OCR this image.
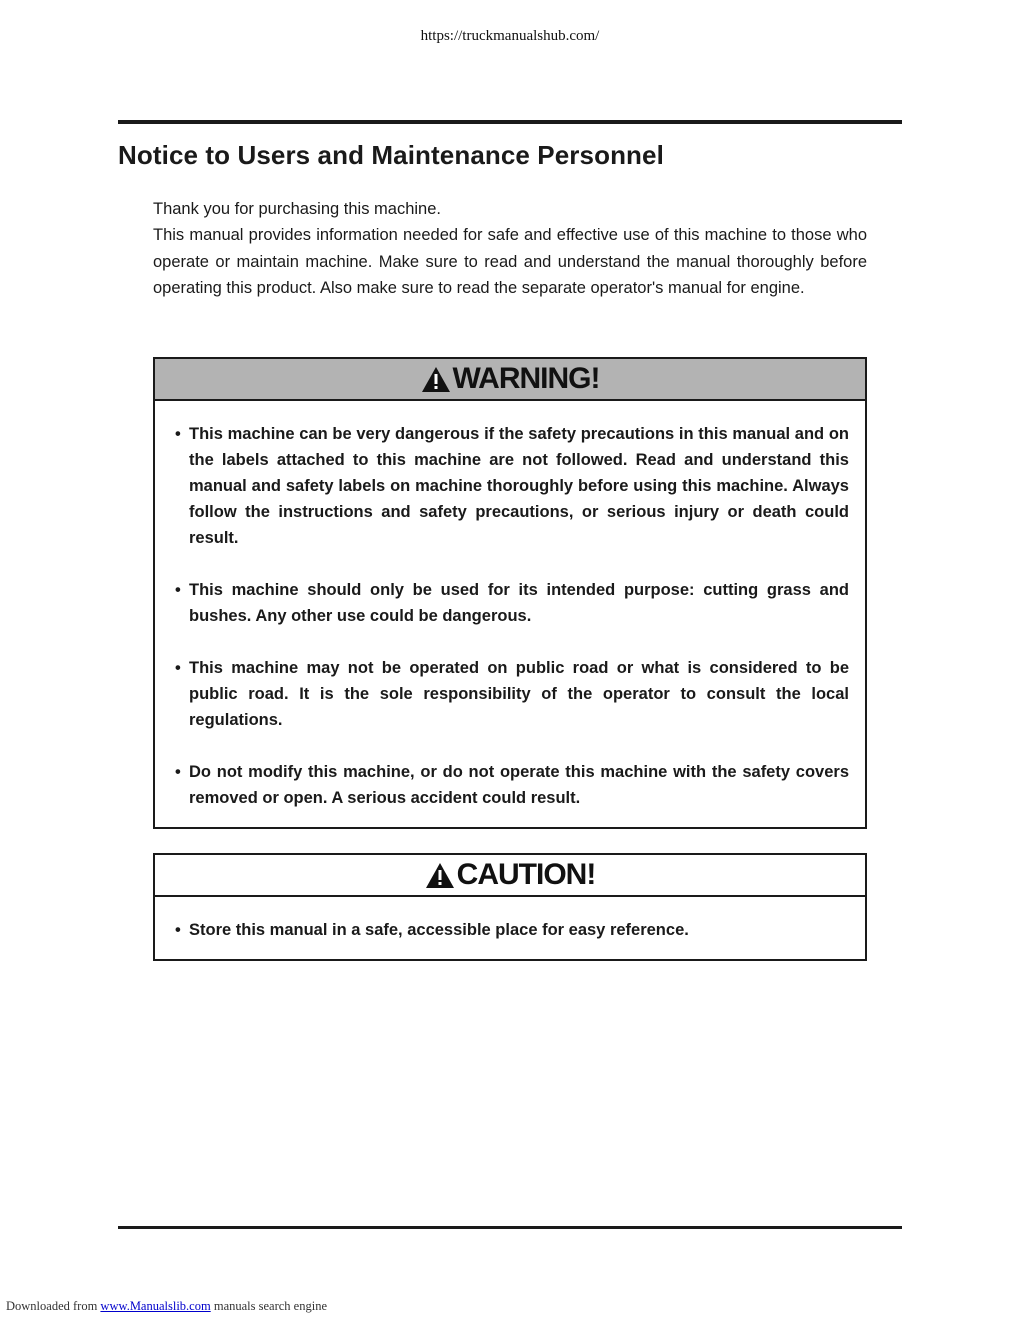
https://truckmanualshub.com/
Notice to Users and Maintenance Personnel

Thank you for purchasing this machine.

This manual provides information needed for safe and effective use of this machine to those who operate or maintain machine. Make sure to read and understand the manual thoroughly before operating this product. Also make sure to read the separate operator's manual for engine.

WARNING!

• This machine can be very dangerous if the safety precautions in this manual and on the labels attached to this machine are not followed. Read and understand this manual and safety labels on machine thoroughly before using this machine. Always follow the instructions and safety precautions, or serious injury or death could result.

• This machine should only be used for its intended purpose: cutting grass and bushes. Any other use could be dangerous.

• This machine may not be operated on public road or what is considered to be public road. It is the sole responsibility of the operator to consult the local regulations.

• Do not modify this machine, or do not operate this machine with the safety covers removed or open. A serious accident could result.

CAUTION!

• Store this manual in a safe, accessible place for easy reference.

Downloaded from www.Manualslib.com manuals search engine
